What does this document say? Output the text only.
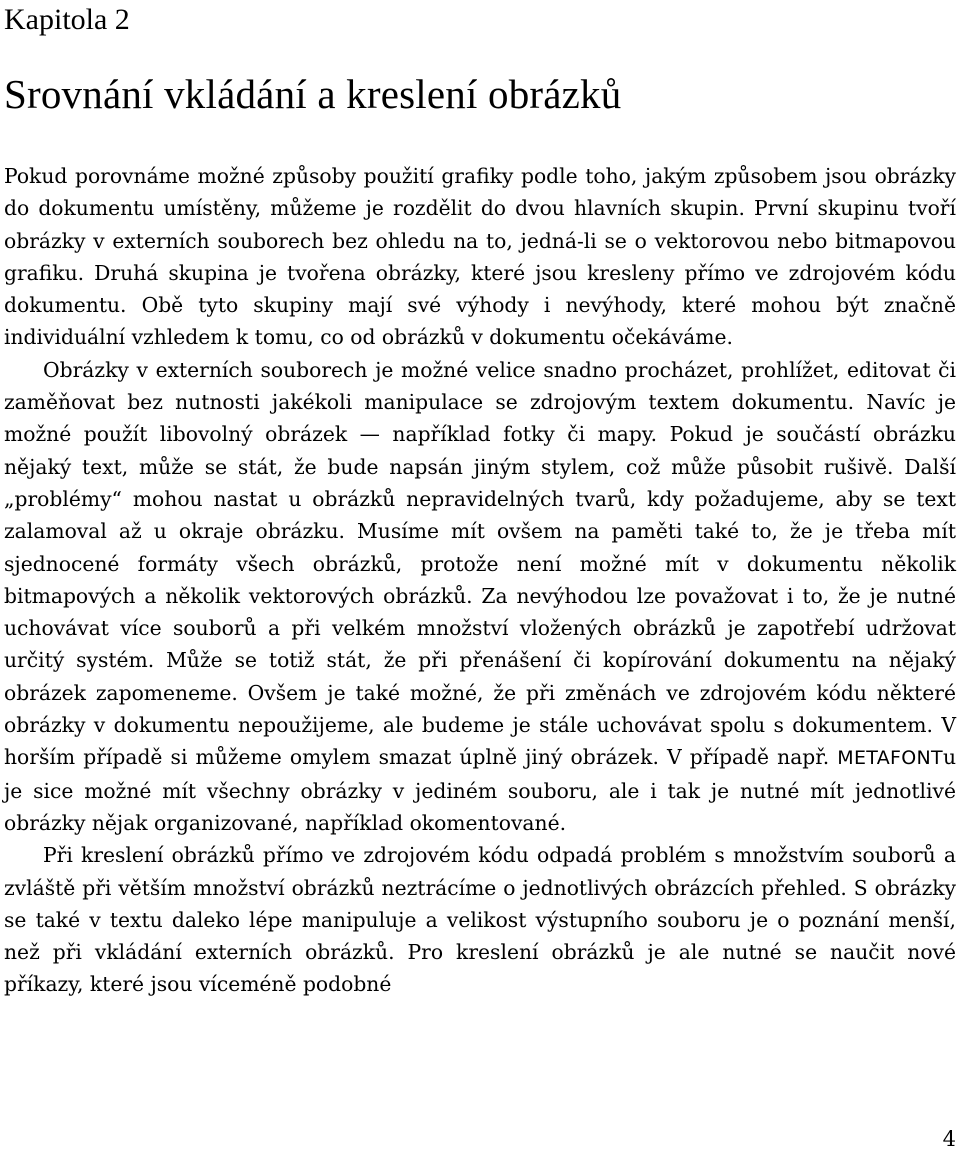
Kapitola 2
Srovnání vkládání a kreslení obrázků

Pokud porovnáme možné způsoby použití grafiky podle toho, jakým způsobem jsou obrázky do dokumentu umístěny, můžeme je rozdělit do dvou hlavních skupin. První skupinu tvoří obrázky v externích souborech bez ohledu na to, jedná-li se o vektorovou nebo bitmapovou grafiku. Druhá skupina je tvořena obrázky, které jsou kresleny přímo ve zdrojovém kódu dokumentu. Obě tyto skupiny mají své výhody i nevýhody, které mohou být značně individuální vzhledem k tomu, co od obrázků v dokumentu očekáváme.

Obrázky v externích souborech je možné velice snadno procházet, prohlížet, editovat či zaměňovat bez nutnosti jakékoli manipulace se zdrojovým textem dokumentu. Navíc je možné použít libovolný obrázek — například fotky či mapy. Pokud je součástí obrázku nějaký text, může se stát, že bude napsán jiným stylem, což může působit rušivě. Další „problémy“ mohou nastat u obrázků nepravidelných tvarů, kdy požadujeme, aby se text zalamoval až u okraje obrázku. Musíme mít ovšem na paměti také to, že je třeba mít sjednocené formáty všech obrázků, protože není možné mít v dokumentu několik bitmapových a několik vektorových obrázků. Za nevýhodou lze považovat i to, že je nutné uchovávat více souborů a při velkém množství vložených obrázků je zapotřebí udržovat určitý systém. Může se totiž stát, že při přenášení či kopírování dokumentu na nějaký obrázek zapomeneme. Ovšem je také možné, že při změnách ve zdrojovém kódu některé obrázky v dokumentu nepoužijeme, ale budeme je stále uchovávat spolu s dokumentem. V horším případě si můžeme omylem smazat úplně jiný obrázek. V případě např. METAFONTu je sice možné mít všechny obrázky v jediném souboru, ale i tak je nutné mít jednotlivé obrázky nějak organizované, například okomentované.

Při kreslení obrázků přímo ve zdrojovém kódu odpadá problém s množstvím souborů a zvláště při větším množství obrázků neztrácíme o jednotlivých obrázcích přehled. S obrázky se také v textu daleko lépe manipuluje a velikost výstupního souboru je o poznání menší, než při vkládání externích obrázků. Pro kreslení obrázků je ale nutné se naučit nové příkazy, které jsou víceméně podobné

4
